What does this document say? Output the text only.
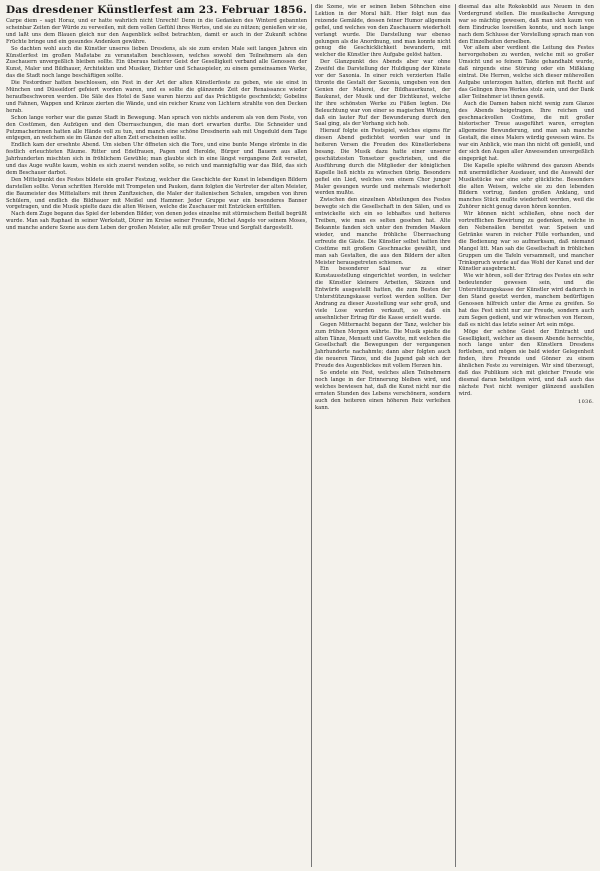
Das dresdener Künstlerfest am 23. Februar 1856.

Carpe diem – sagt Horaz, und er hatte wahrlich nicht Unrecht! Denn in die Gedanken des Winterd gebannten scheinbar Zeiten der Würde zu verweilen, mit dem vollen Gefühl ihres Wertes, und sie zu nützen; genießen wir sie, und laßt uns dem Blauen gleich nur den Augenblick selbst betrachten, damit er auch in der Zukunft schöne Früchte bringe und ein gesundes Andenken gewähre.

So dachten wohl auch die Künstler unseres lieben Dresdens, als sie zum ersten Male seit langen Jahren ein Künstlerfest im großen Maßstabe zu veranstalten beschlossen, welches sowohl den Teilnehmern als den Zuschauern unvergeßlich bleiben sollte. Ein überaus heiterer Geist der Geselligkeit verband alle Genossen der Kunst, Maler und Bildhauer, Architekten und Musiker, Dichter und Schauspieler, zu einem gemeinsamen Werke, das die Stadt noch lange beschäftigen sollte.

Die Festordner hatten beschlossen, ein Fest in der Art der alten Künstlerfeste zu geben, wie sie einst in München und Düsseldorf gefeiert worden waren, und es sollte die glänzende Zeit der Renaissance wieder heraufbeschworen werden. Die Säle des Hotel de Saxe waren hierzu auf das Prächtigste geschmückt; Gobelins und Fahnen, Wappen und Kränze zierten die Wände, und ein reicher Kranz von Lichtern strahlte von den Decken herab.

Schon lange vorher war die ganze Stadt in Bewegung. Man sprach von nichts anderem als von dem Feste, von den Costümen, den Aufzügen und den Überraschungen, die man dort erwarten durfte. Die Schneider und Putzmacherinnen hatten alle Hände voll zu tun, und manch eine schöne Dresdnerin sah mit Ungeduld dem Tage entgegen, an welchem sie im Glanze der alten Zeit erscheinen sollte.

Endlich kam der ersehnte Abend. Um sieben Uhr öffneten sich die Tore, und eine bunte Menge strömte in die festlich erleuchteten Räume. Ritter und Edelfrauen, Pagen und Herolde, Bürger und Bauern aus allen Jahrhunderten mischten sich in fröhlichem Gewühle; man glaubte sich in eine längst vergangene Zeit versetzt, und das Auge wußte kaum, wohin es sich zuerst wenden sollte, so reich und mannigfaltig war das Bild, das sich dem Beschauer darbot.

Den Mittelpunkt des Festes bildete ein großer Festzug, welcher die Geschichte der Kunst in lebendigen Bildern darstellen sollte. Voran schritten Herolde mit Trompeten und Pauken, dann folgten die Vertreter der alten Meister, die Baumeister des Mittelalters mit ihren Zunftzeichen, die Maler der italienischen Schulen, umgeben von ihren Schülern, und endlich die Bildhauer mit Meißel und Hammer. Jeder Gruppe war ein besonderes Banner vorgetragen, und die Musik spielte dazu die alten Weisen, welche die Zuschauer mit Entzücken erfüllten.

Nach dem Zuge begann das Spiel der lebenden Bilder, von denen jedes einzelne mit stürmischem Beifall begrüßt wurde. Man sah Raphael in seiner Werkstatt, Dürer im Kreise seiner Freunde, Michel Angelo vor seinem Moses, und manche andere Szene aus dem Leben der großen Meister, alle mit großer Treue und Sorgfalt dargestellt.

die Szene, wie er seinen lieben Söhnchen eine Lektion in der Moral hält. Hier folgt nun das reizende Gemälde, dessen feiner Humor allgemein gefiel, und welches von den Zuschauern wiederholt verlangt wurde. Die Darstellung war ebenso gelungen als die Anordnung, und man konnte nicht genug die Geschicklichkeit bewundern, mit welcher die Künstler ihre Aufgabe gelöst hatten.

Der Glanzpunkt des Abends aber war ohne Zweifel die Darstellung der Huldigung der Künste vor der Saxonia. In einer reich verzierten Halle thronte die Gestalt der Saxonia, umgeben von den Genien der Malerei, der Bildhauerkunst, der Baukunst, der Musik und der Dichtkunst, welche ihr ihre schönsten Werke zu Füßen legten. Die Beleuchtung war von einer so magischen Wirkung, daß ein lauter Ruf der Bewunderung durch den Saal ging, als der Vorhang sich hob.

Hierauf folgte ein Festspiel, welches eigens für diesen Abend gedichtet worden war und in heiteren Versen die Freuden des Künstlerlebens besang. Die Musik dazu hatte einer unserer geschätztesten Tonsetzer geschrieben, und die Ausführung durch die Mitglieder der königlichen Kapelle ließ nichts zu wünschen übrig. Besonders gefiel ein Lied, welches von einem Chor junger Maler gesungen wurde und mehrmals wiederholt werden mußte.

Zwischen den einzelnen Abteilungen des Festes bewegte sich die Gesellschaft in den Sälen, und es entwickelte sich ein so lebhaftes und heiteres Treiben, wie man es selten gesehen hat. Alte Bekannte fanden sich unter den fremden Masken wieder, und manche fröhliche Überraschung erfreute die Gäste. Die Künstler selbst hatten ihre Costüme mit großem Geschmacke gewählt, und man sah Gestalten, die aus den Bildern der alten Meister herausgetreten schienen.

Ein besonderer Saal war zu einer Kunstausstellung eingerichtet worden, in welcher die Künstler kleinere Arbeiten, Skizzen und Entwürfe ausgestellt hatten, die zum Besten der Unterstützungskasse verlost werden sollten. Der Andrang zu dieser Ausstellung war sehr groß, und viele Lose wurden verkauft, so daß ein ansehnlicher Ertrag für die Kasse erzielt wurde.

Gegen Mitternacht begann der Tanz, welcher bis zum frühen Morgen währte. Die Musik spielte die alten Tänze, Menuett und Gavotte, mit welchen die Gesellschaft die Bewegungen der vergangenen Jahrhunderte nachahmte; dann aber folgten auch die neueren Tänze, und die Jugend gab sich der Freude des Augenblickes mit vollem Herzen hin.

So endete ein Fest, welches allen Teilnehmern noch lange in der Erinnerung bleiben wird, und welches bewiesen hat, daß die Kunst nicht nur die ernsten Stunden des Lebens verschönern, sondern auch den heiteren einen höheren Reiz verleihen kann.

diesmal das alte Rokokobild aus Neuem in den Vordergrund stellen. Die musikalische Anregung war so mächtig gewesen, daß man sich kaum von dem Eindrucke losreißen konnte, und noch lange nach dem Schlusse der Vorstellung sprach man von den Einzelheiten derselben.

Vor allem aber verdient die Leitung des Festes hervorgehoben zu werden, welche mit so großer Umsicht und so feinem Takte gehandhabt wurde, daß nirgends eine Störung oder ein Mißklang eintrat. Die Herren, welche sich dieser mühevollen Aufgabe unterzogen hatten, dürfen mit Recht auf das Gelingen ihres Werkes stolz sein, und der Dank aller Teilnehmer ist ihnen gewiß.

Auch die Damen haben nicht wenig zum Glanze des Abends beigetragen. Ihre reichen und geschmackvollen Costüme, die mit großer historischer Treue ausgeführt waren, erregten allgemeine Bewunderung, und man sah manche Gestalt, die eines Malers würdig gewesen wäre. Es war ein Anblick, wie man ihn nicht oft genießt, und der sich den Augen aller Anwesenden unvergeßlich eingeprägt hat.

Die Kapelle spielte während des ganzen Abends mit unermüdlicher Ausdauer, und die Auswahl der Musikstücke war eine sehr glückliche. Besonders die alten Weisen, welche sie zu den lebenden Bildern vortrug, fanden großen Anklang, und manches Stück mußte wiederholt werden, weil die Zuhörer nicht genug davon hören konnten.

Wir können nicht schließen, ohne noch der vortrefflichen Bewirtung zu gedenken, welche in den Nebensälen bereitet war. Speisen und Getränke waren in reicher Fülle vorhanden, und die Bedienung war so aufmerksam, daß niemand Mangel litt. Man sah die Gesellschaft in fröhlichen Gruppen um die Tafeln versammelt, und mancher Trinkspruch wurde auf das Wohl der Kunst und der Künstler ausgebracht.

Wie wir hören, soll der Ertrag des Festes ein sehr bedeutender gewesen sein, und die Unterstützungskasse der Künstler wird dadurch in den Stand gesetzt werden, manchem bedürftigen Genossen hilfreich unter die Arme zu greifen. So hat das Fest nicht nur zur Freude, sondern auch zum Segen gedient, und wir wünschen von Herzen, daß es nicht das letzte seiner Art sein möge.

Möge der schöne Geist der Eintracht und Geselligkeit, welcher an diesem Abende herrschte, noch lange unter den Künstlern Dresdens fortleben, und mögen sie bald wieder Gelegenheit finden, ihre Freunde und Gönner zu einem ähnlichen Feste zu vereinigen. Wir sind überzeugt, daß das Publikum sich mit gleicher Freude wie diesmal daran beteiligen wird, und daß auch das nächste Fest nicht weniger glänzend ausfallen wird.

1036.
